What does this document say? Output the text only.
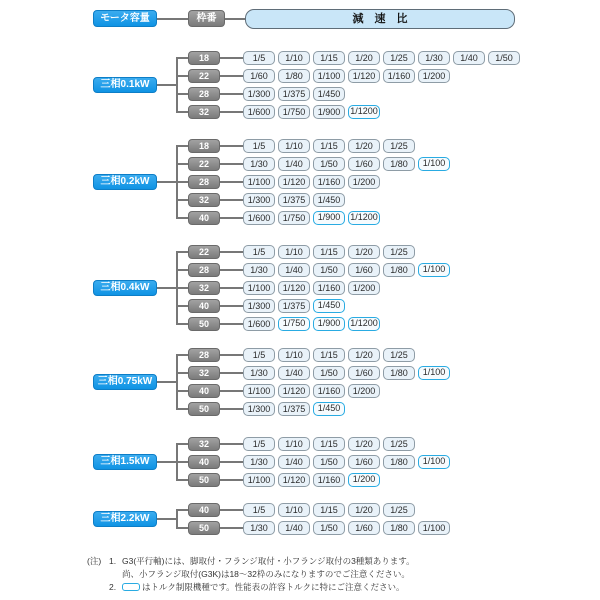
モータ容量	枠番	減　速　比
三相0.1kW
18	1/5	1/10	1/15	1/20	1/25	1/30	1/40	1/50
22	1/60	1/80	1/100	1/120	1/160	1/200
28	1/300	1/375	1/450
32	1/600	1/750	1/900	1/1200
三相0.2kW
18	1/5	1/10	1/15	1/20	1/25
22	1/30	1/40	1/50	1/60	1/80	1/100
28	1/100	1/120	1/160	1/200
32	1/300	1/375	1/450
40	1/600	1/750	1/900	1/1200
三相0.4kW
22	1/5	1/10	1/15	1/20	1/25
28	1/30	1/40	1/50	1/60	1/80	1/100
32	1/100	1/120	1/160	1/200
40	1/300	1/375	1/450
50	1/600	1/750	1/900	1/1200
三相0.75kW
28	1/5	1/10	1/15	1/20	1/25
32	1/30	1/40	1/50	1/60	1/80	1/100
40	1/100	1/120	1/160	1/200
50	1/300	1/375	1/450
三相1.5kW
32	1/5	1/10	1/15	1/20	1/25
40	1/30	1/40	1/50	1/60	1/80	1/100
50	1/100	1/120	1/160	1/200
三相2.2kW
40	1/5	1/10	1/15	1/20	1/25
50	1/30	1/40	1/50	1/60	1/80	1/100
(注) 1. G3(平行軸)には、脚取付・フランジ取付・小フランジ取付の3種類あります。
尚、小フランジ取付(G3K)は18～32枠のみになりますのでご注意ください。
2.	はトルク制限機種です。性能表の許容トルクに特にご注意ください。
